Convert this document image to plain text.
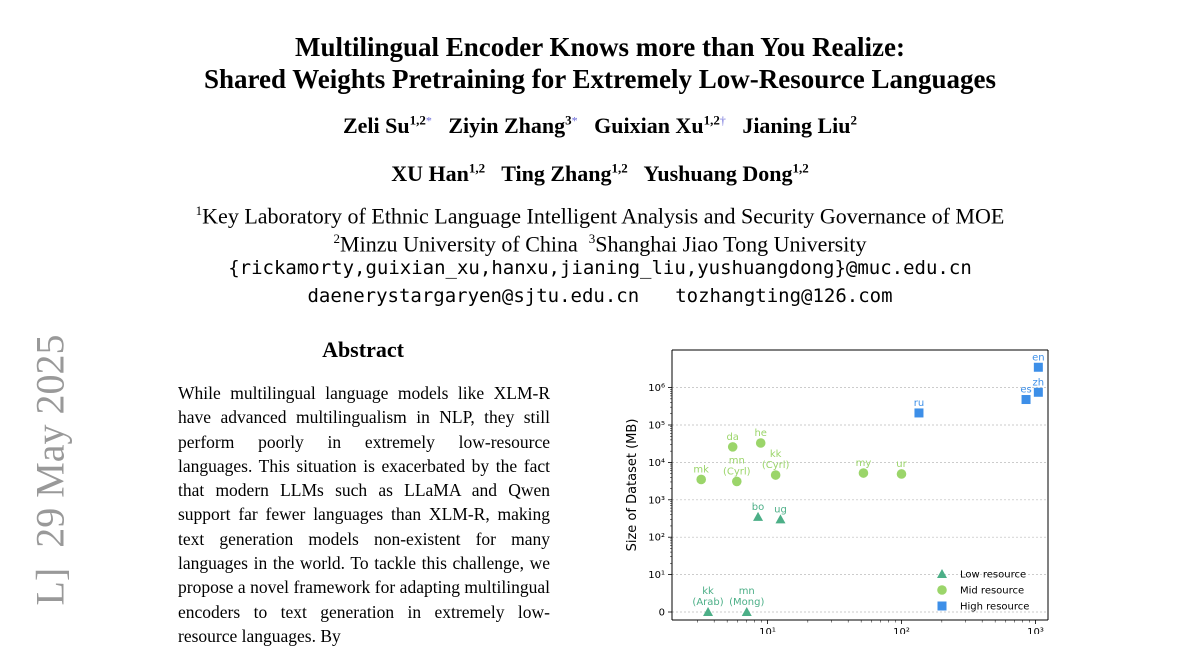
Multilingual Encoder Knows more than You Realize:
Shared Weights Pretraining for Extremely Low-Resource Languages
Zeli $Su^{1,2*}$ Ziyin Zhang$^{3*}$ Guixian $Xu^{1,2\dagger}$ Jianing Liu$^2$
XU Han$^{1,2}$ Ting Zhang$^{1,2}$ Yushuang Dong$^{1,2}$
$^1$Key Laboratory of Ethnic Language Intelligent Analysis and Security Governance of MOE
$^2$Minzu University of China $^3$Shanghai Jiao Tong University
{rickamorty,guixian_xu,hanxu,jianing_liu,yushuangdong}@muc.edu.cn
daenerystargaryen@sjtu.edu.cn tozhangting@126.com
Abstract
While multilingual language models like XLM-R have advanced multilingualism in NLP, they still perform poorly in extremely low-resource languages. This situation is exacerbated by the fact that modern LLMs such as LLaMA and Qwen support far fewer languages than XLM-R, making text generation models non-existent for many languages in the world. To tackle this challenge, we propose a novel framework for adapting multilingual encoders to text generation in extremely low-resource languages. By
L]29 May 2025
0
10¹
10²
10³
10⁴
10⁵
10⁶
10¹	10²	10³
Size of Dataset (MB)
kk
(Arab)
mn
(Mong)
bo ug
mk
da
mn
(Cyrl)
he
kk
(Cyrl)	my ur
ru
es
zh
en
Low resource
Mid resource
High resource
